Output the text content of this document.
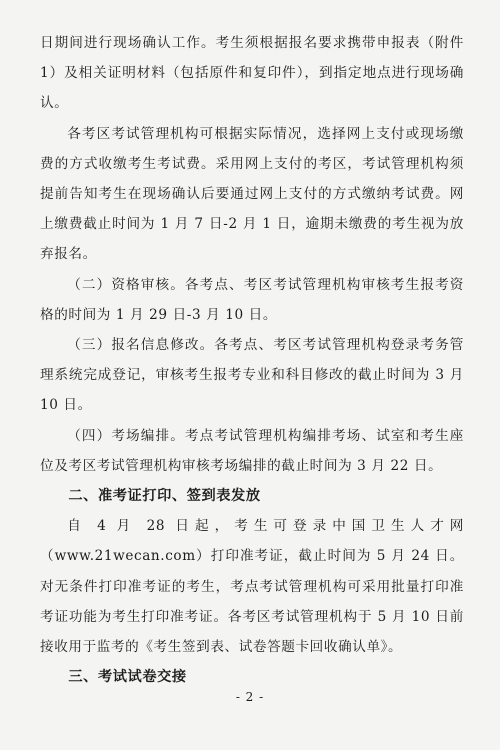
日期间进行现场确认工作。考生须根据报名要求携带申报表（附件 1）及相关证明材料（包括原件和复印件），到指定地点进行现场确认。

各考区考试管理机构可根据实际情况，选择网上支付或现场缴费的方式收缴考生考试费。采用网上支付的考区，考试管理机构须提前告知考生在现场确认后要通过网上支付的方式缴纳考试费。网上缴费截止时间为 1 月 7 日-2 月 1 日，逾期未缴费的考生视为放弃报名。

（二）资格审核。各考点、考区考试管理机构审核考生报考资格的时间为 1 月 29 日-3 月 10 日。

（三）报名信息修改。各考点、考区考试管理机构登录考务管理系统完成登记，审核考生报考专业和科目修改的截止时间为 3 月 10 日。

（四）考场编排。考点考试管理机构编排考场、试室和考生座位及考区考试管理机构审核考场编排的截止时间为 3 月 22 日。

二、准考证打印、签到表发放

自 4 月 28 日起，考生可登录中国卫生人才网（www.21wecan.com）打印准考证，截止时间为 5 月 24 日。对无条件打印准考证的考生，考点考试管理机构可采用批量打印准考证功能为考生打印准考证。各考区考试管理机构于 5 月 10 日前接收用于监考的《考生签到表、试卷答题卡回收确认单》。

三、考试试卷交接

- 2 -
